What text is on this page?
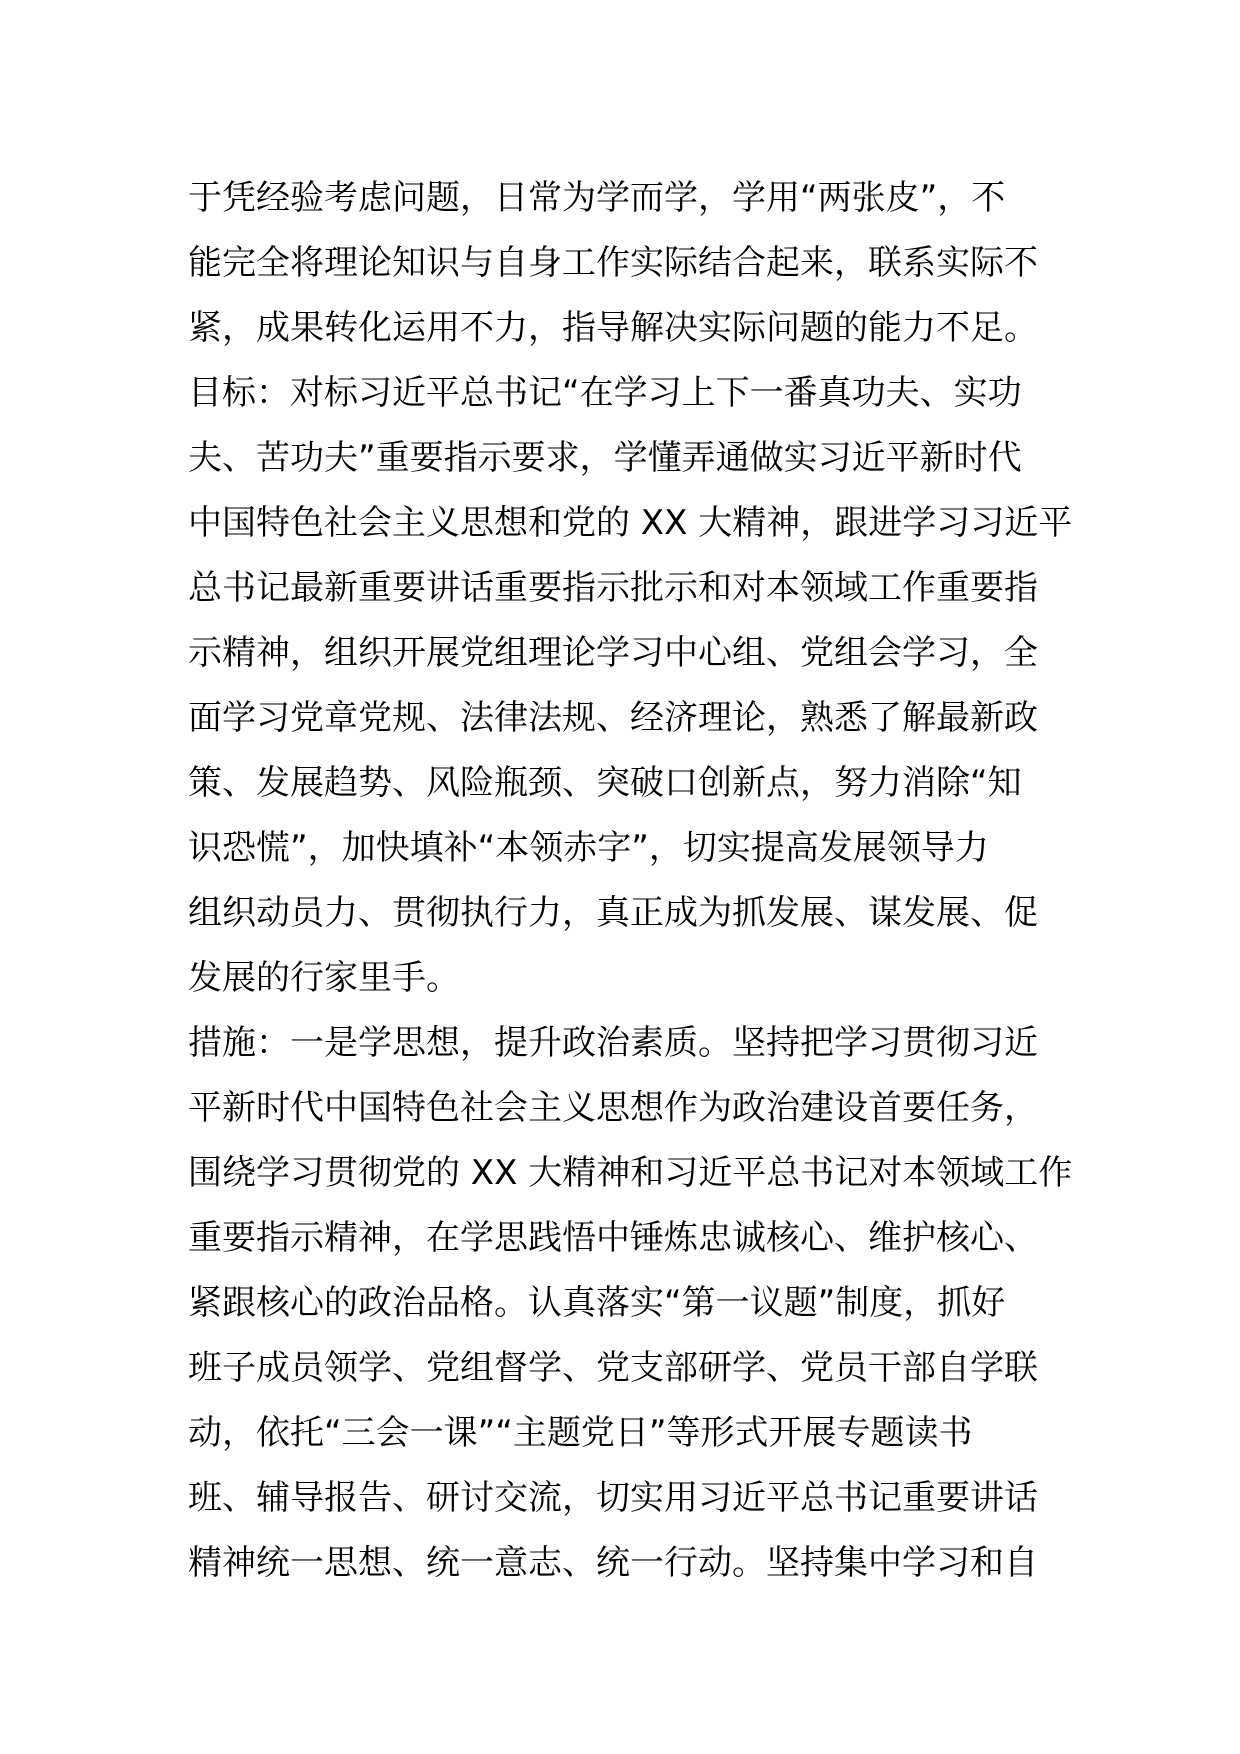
于凭经验考虑问题，日常为学而学，学用“两张皮”，不
能完全将理论知识与自身工作实际结合起来，联系实际不
紧，成果转化运用不力，指导解决实际问题的能力不足。
目标：对标习近平总书记“在学习上下一番真功夫、实功
夫、苦功夫”重要指示要求，学懂弄通做实习近平新时代
中国特色社会主义思想和党的 XX 大精神，跟进学习习近平
总书记最新重要讲话重要指示批示和对本领域工作重要指
示精神，组织开展党组理论学习中心组、党组会学习，全
面学习党章党规、法律法规、经济理论，熟悉了解最新政
策、发展趋势、风险瓶颈、突破口创新点，努力消除“知
识恐慌”，加快填补“本领赤字”，切实提高发展领导力
组织动员力、贯彻执行力，真正成为抓发展、谋发展、促
发展的行家里手。
措施：一是学思想，提升政治素质。坚持把学习贯彻习近
平新时代中国特色社会主义思想作为政治建设首要任务，
围绕学习贯彻党的 XX 大精神和习近平总书记对本领域工作
重要指示精神，在学思践悟中锤炼忠诚核心、维护核心、
紧跟核心的政治品格。认真落实“第一议题”制度，抓好
班子成员领学、党组督学、党支部研学、党员干部自学联
动，依托“三会一课”“主题党日”等形式开展专题读书
班、辅导报告、研讨交流，切实用习近平总书记重要讲话
精神统一思想、统一意志、统一行动。坚持集中学习和自
